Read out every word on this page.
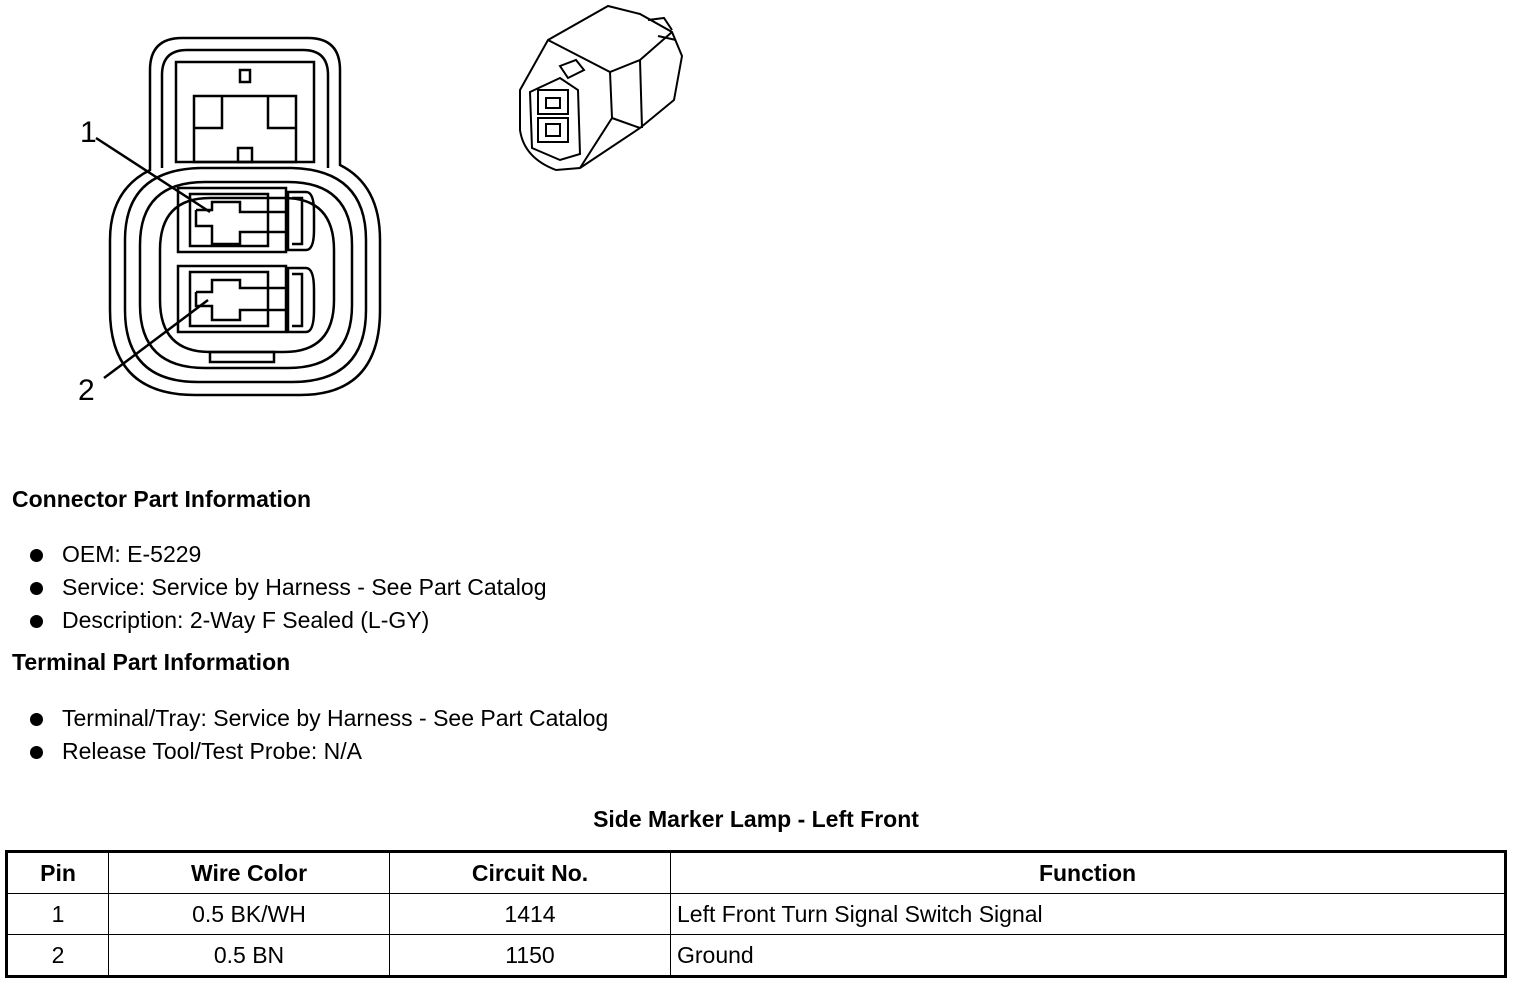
1
2
Connector Part Information
OEM: E-5229
Service: Service by Harness - See Part Catalog
Description: 2-Way F Sealed (L-GY)
Terminal Part Information
Terminal/Tray: Service by Harness - See Part Catalog
Release Tool/Test Probe: N/A
Side Marker Lamp - Left Front
Pin	Wire Color	Circuit No.	Function
1	0.5 BK/WH	1414	Left Front Turn Signal Switch Signal
2	0.5 BN	1150	Ground
